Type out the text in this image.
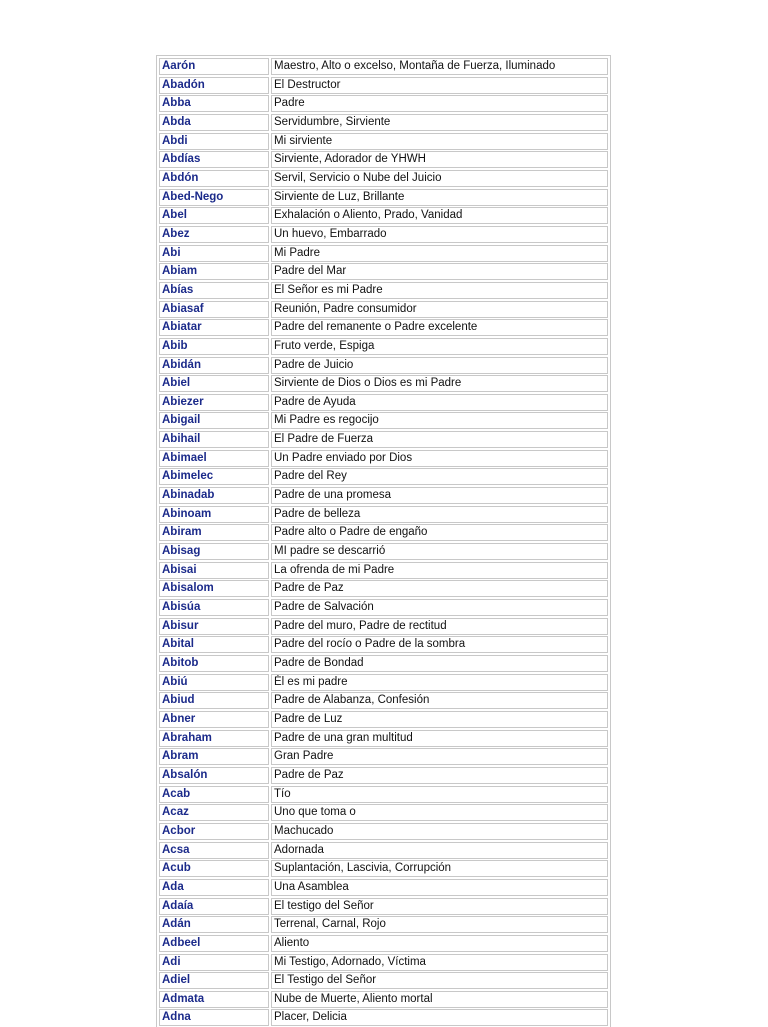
Aarón	Maestro, Alto o excelso, Montaña de Fuerza, Iluminado
Abadón	El Destructor
Abba	Padre
Abda	Servidumbre, Sirviente
Abdi	Mi sirviente
Abdías	Sirviente, Adorador de YHWH
Abdón	Servil, Servicio o Nube del Juicio
Abed-Nego	Sirviente de Luz, Brillante
Abel	Exhalación o Aliento, Prado, Vanidad
Abez	Un huevo, Embarrado
Abi	Mi Padre
Abiam	Padre del Mar
Abías	El Señor es mi Padre
Abiasaf	Reunión, Padre consumidor
Abiatar	Padre del remanente o Padre excelente
Abib	Fruto verde, Espiga
Abidán	Padre de Juicio
Abiel	Sirviente de Dios o Dios es mi Padre
Abiezer	Padre de Ayuda
Abigail	Mi Padre es regocijo
Abihail	El Padre de Fuerza
Abimael	Un Padre enviado por Dios
Abimelec	Padre del Rey
Abinadab	Padre de una promesa
Abinoam	Padre de belleza
Abiram	Padre alto o Padre de engaño
Abisag	MI padre se descarrió
Abisai	La ofrenda de mi Padre
Abisalom	Padre de Paz
Abisúa	Padre de Salvación
Abisur	Padre del muro, Padre de rectitud
Abital	Padre del rocío o Padre de la sombra
Abitob	Padre de Bondad
Abiú	Él es mi padre
Abiud	Padre de Alabanza, Confesión
Abner	Padre de Luz
Abraham	Padre de una gran multitud
Abram	Gran Padre
Absalón	Padre de Paz
Acab	Tío
Acaz	Uno que toma o
Acbor	Machucado
Acsa	Adornada
Acub	Suplantación, Lascivia, Corrupción
Ada	Una Asamblea
Adaía	El testigo del Señor
Adán	Terrenal, Carnal, Rojo
Adbeel	Aliento
Adi	Mi Testigo, Adornado, Víctima
Adiel	El Testigo del Señor
Admata	Nube de Muerte, Aliento mortal
Adna	Placer, Delicia
